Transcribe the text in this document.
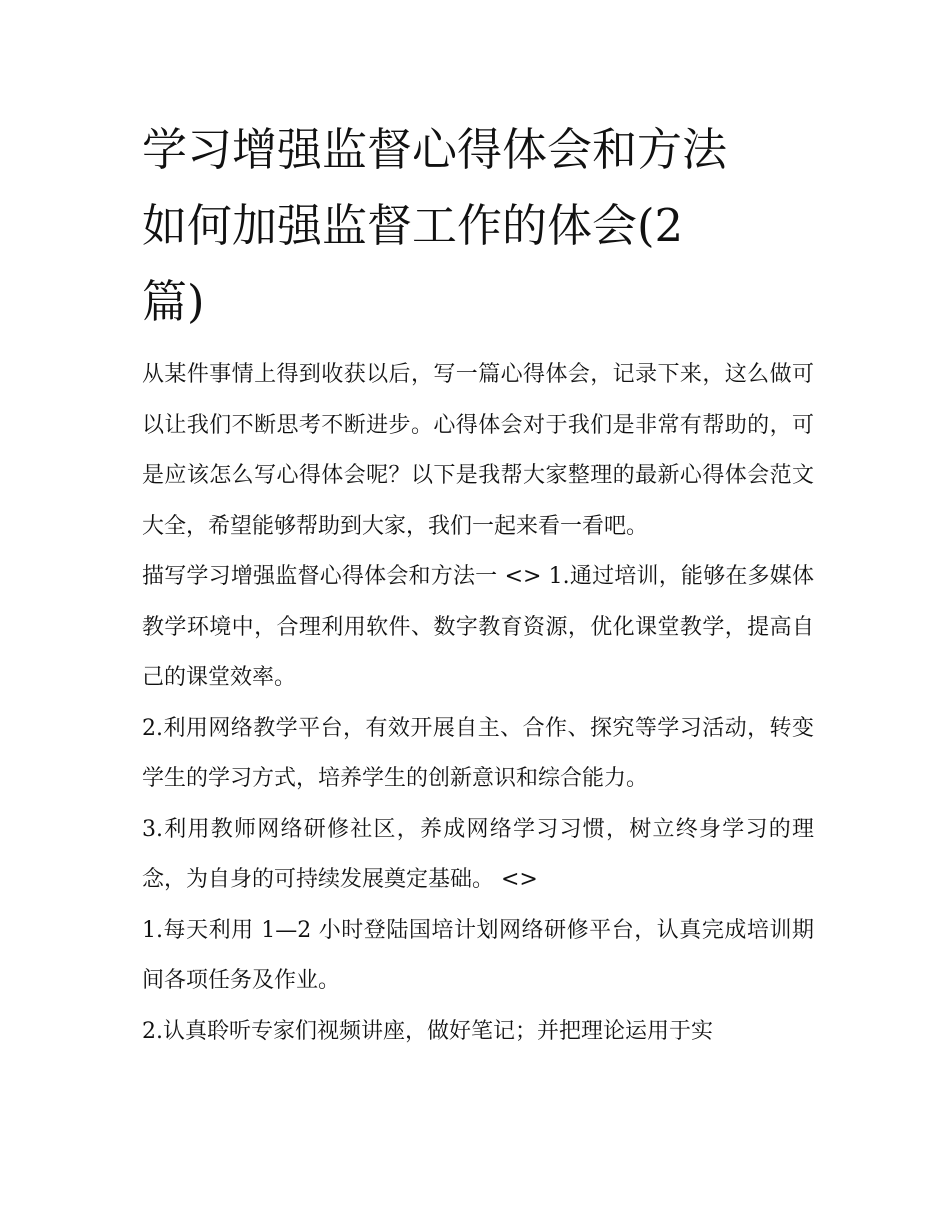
学习增强监督心得体会和方法
如何加强监督工作的体会(2
篇)

从某件事情上得到收获以后，写一篇心得体会，记录下来，这么做可以让我们不断思考不断进步。心得体会对于我们是非常有帮助的，可是应该怎么写心得体会呢？以下是我帮大家整理的最新心得体会范文大全，希望能够帮助到大家，我们一起来看一看吧。

描写学习增强监督心得体会和方法一 <> 1.通过培训，能够在多媒体教学环境中，合理利用软件、数字教育资源，优化课堂教学，提高自己的课堂效率。

2.利用网络教学平台，有效开展自主、合作、探究等学习活动，转变学生的学习方式，培养学生的创新意识和综合能力。

3.利用教师网络研修社区，养成网络学习习惯，树立终身学习的理念，为自身的可持续发展奠定基础。 <>

1.每天利用 1—2 小时登陆国培计划网络研修平台，认真完成培训期间各项任务及作业。

2.认真聆听专家们视频讲座，做好笔记；并把理论运用于实
